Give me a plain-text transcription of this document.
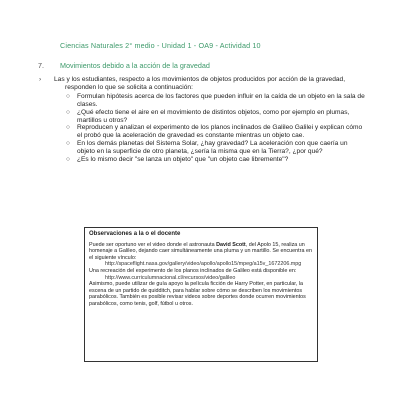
Ciencias Naturales 2° medio - Unidad 1 - OA9 - Actividad 10
7. Movimientos debido a la acción de la gravedad
› Las y los estudiantes, respecto a los movimientos de objetos producidos por acción de la gravedad, responden lo que se solicita a continuación:

○ Formulan hipótesis acerca de los factores que pueden influir en la caída de un objeto en la sala de clases.
○ ¿Qué efecto tiene el aire en el movimiento de distintos objetos, como por ejemplo en plumas, martillos u otros?
○ Reproducen y analizan el experimento de los planos inclinados de Galileo Galilei y explican cómo el probó que la aceleración de gravedad es constante mientras un objeto cae.
○ En los demás planetas del Sistema Solar, ¿hay gravedad? La aceleración con que caería un objeto en la superficie de otro planeta, ¿sería la misma que en la Tierra?, ¿por qué?
○ ¿Es lo mismo decir "se lanza un objeto" que "un objeto cae libremente"?
Observaciones a la o el docente

Puede ser oportuno ver el video donde el astronauta David Scott, del Apolo 15, realiza un homenaje a Galileo, dejando caer simultáneamente una pluma y un martillo. Se encuentra en el siguiente vínculo:

http://spaceflight.nasa.gov/gallery/video/apollo/apollo15/mpeg/a15v_1672206.mpg

Una recreación del experimento de los planos inclinados de Galileo está disponible en:

http://www.curriculumnacional.cl/recursos/video/galileo

Asimismo, puede utilizar de guía apoyo la película ficción de Harry Potter, en particular, la escena de un partido de quidditch, para hablar sobre cómo se describen los movimientos parabólicos. También es posible revisar videos sobre deportes donde ocurren movimientos parabólicos, como tenis, golf, fútbol u otros.
